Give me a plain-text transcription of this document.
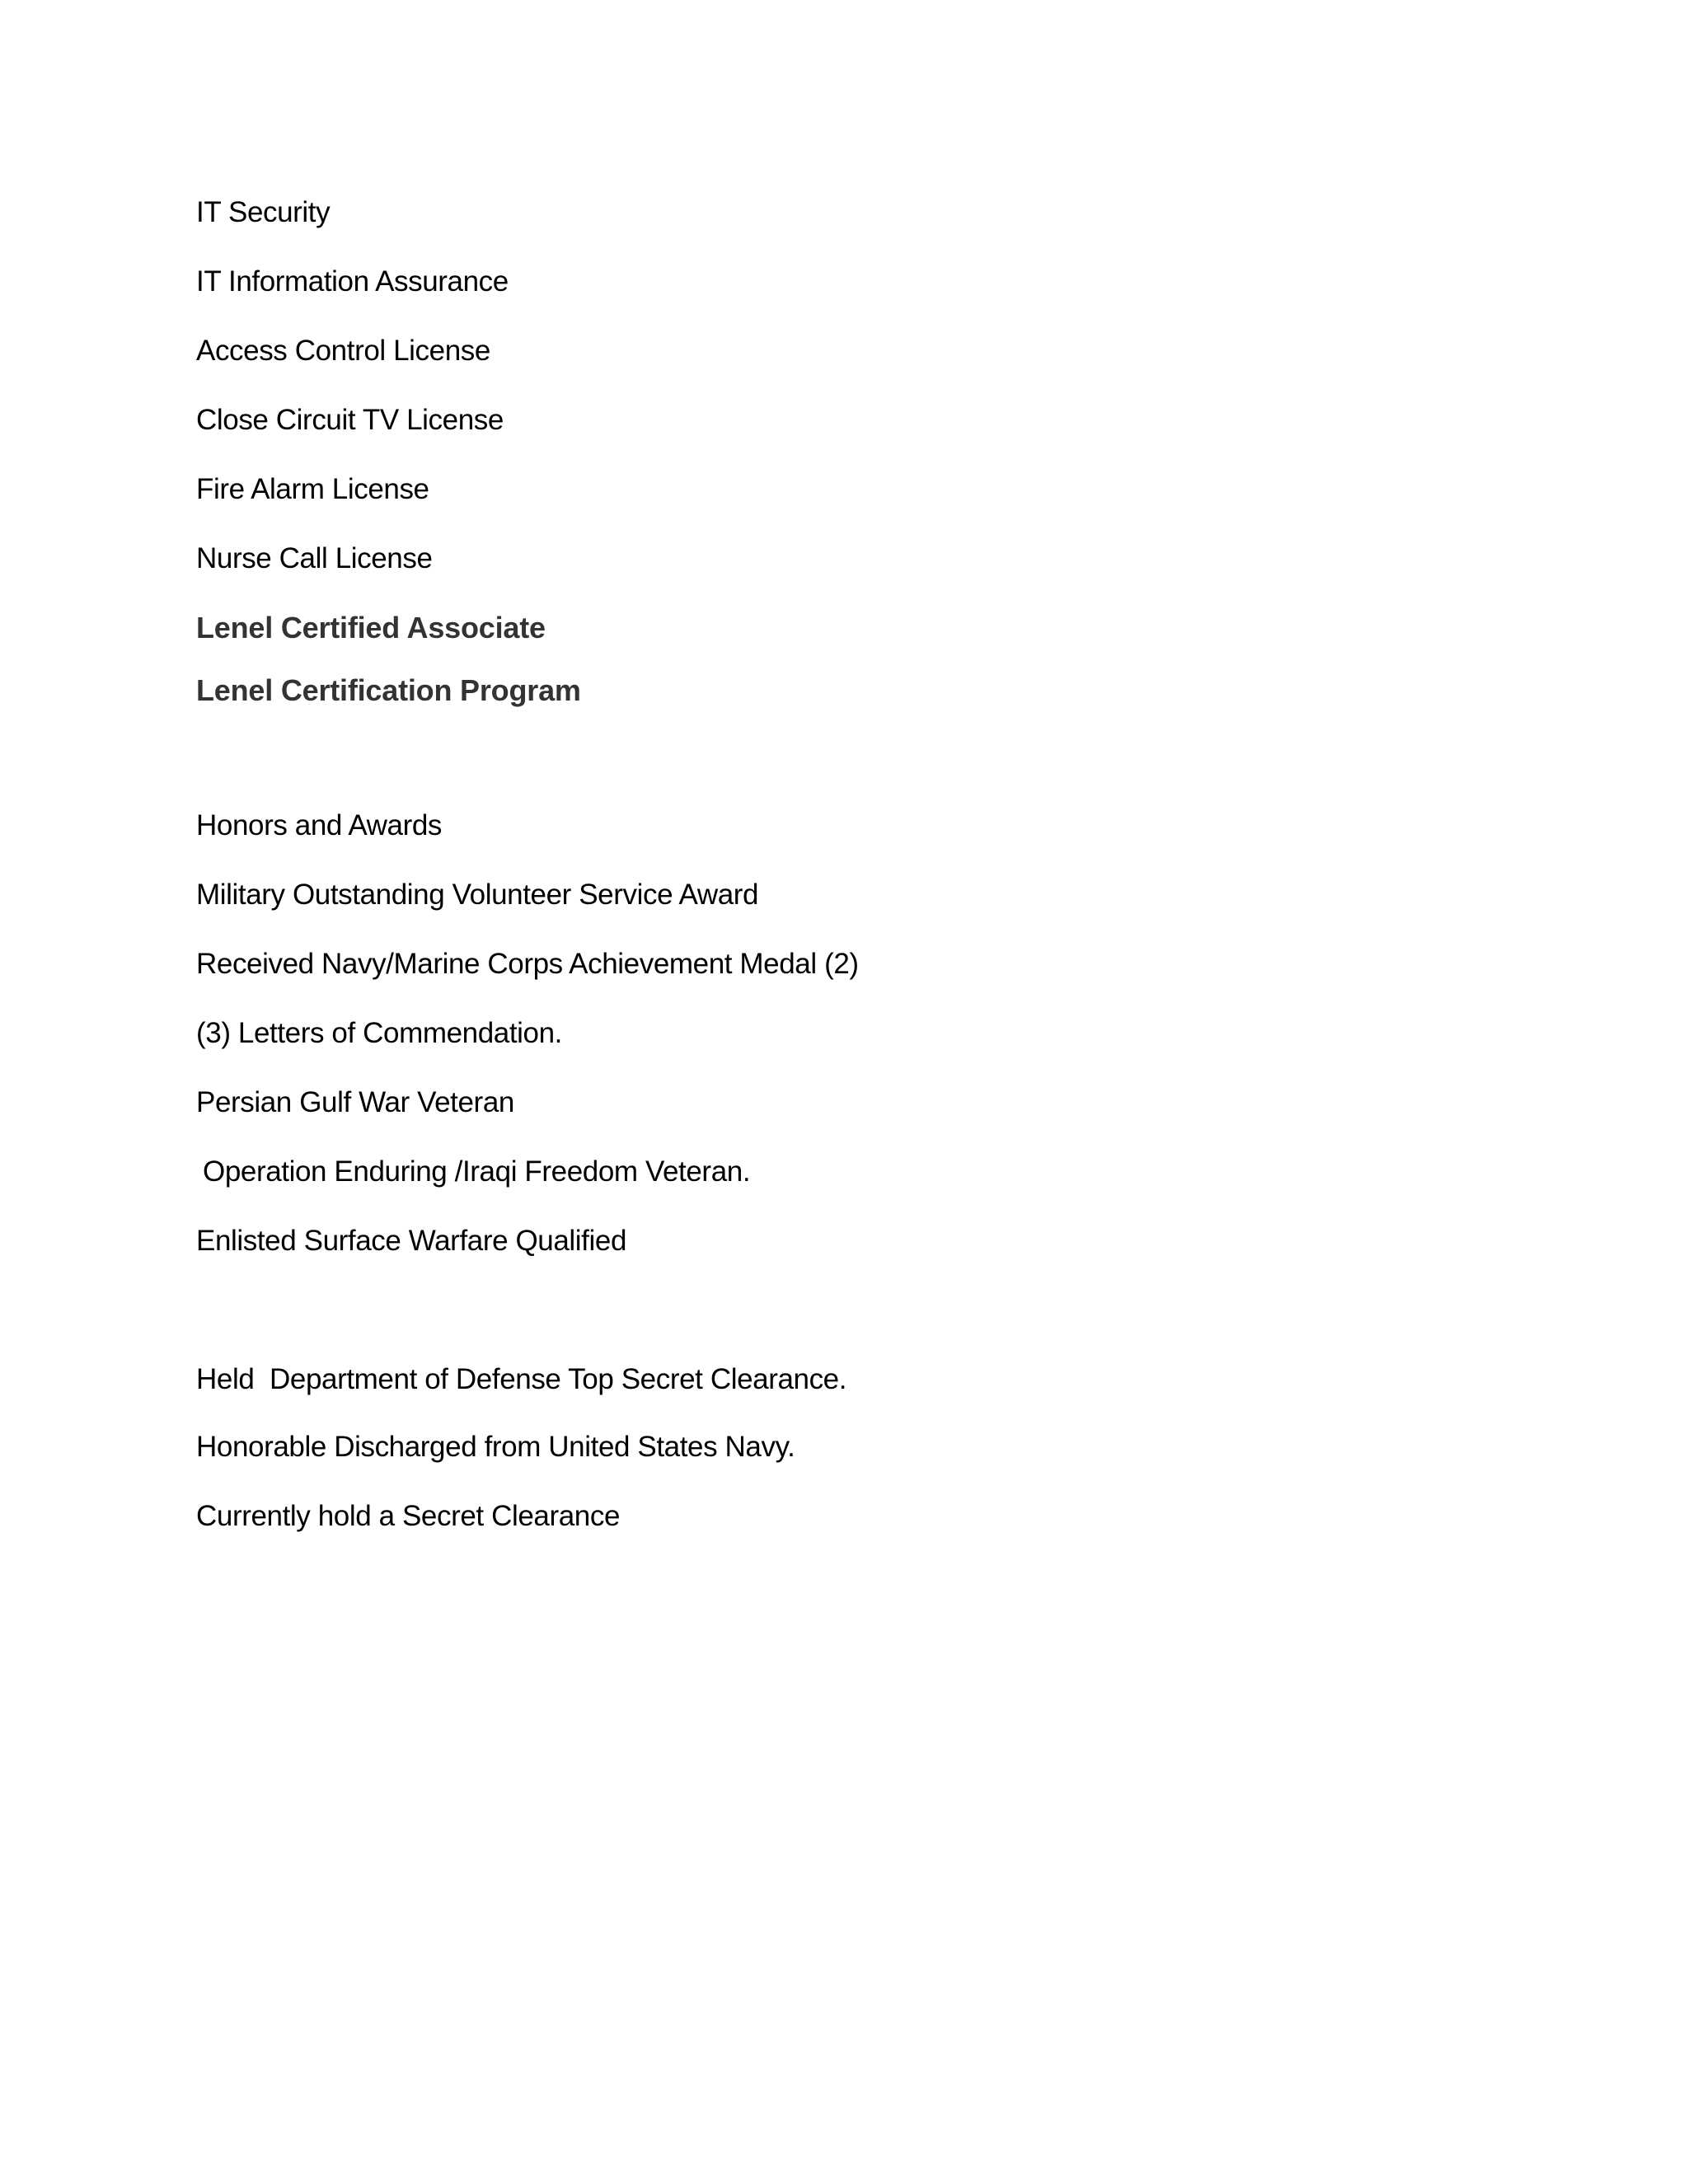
IT Security
IT Information Assurance
Access Control License
Close Circuit TV License
Fire Alarm License
Nurse Call License
Lenel Certified Associate
Lenel Certification Program
Honors and Awards
Military Outstanding Volunteer Service Award
Received Navy/Marine Corps Achievement Medal (2)
(3) Letters of Commendation.
Persian Gulf War Veteran
Operation Enduring /Iraqi Freedom Veteran.
Enlisted Surface Warfare Qualified
Held  Department of Defense Top Secret Clearance.
Honorable Discharged from United States Navy.
Currently hold a Secret Clearance
